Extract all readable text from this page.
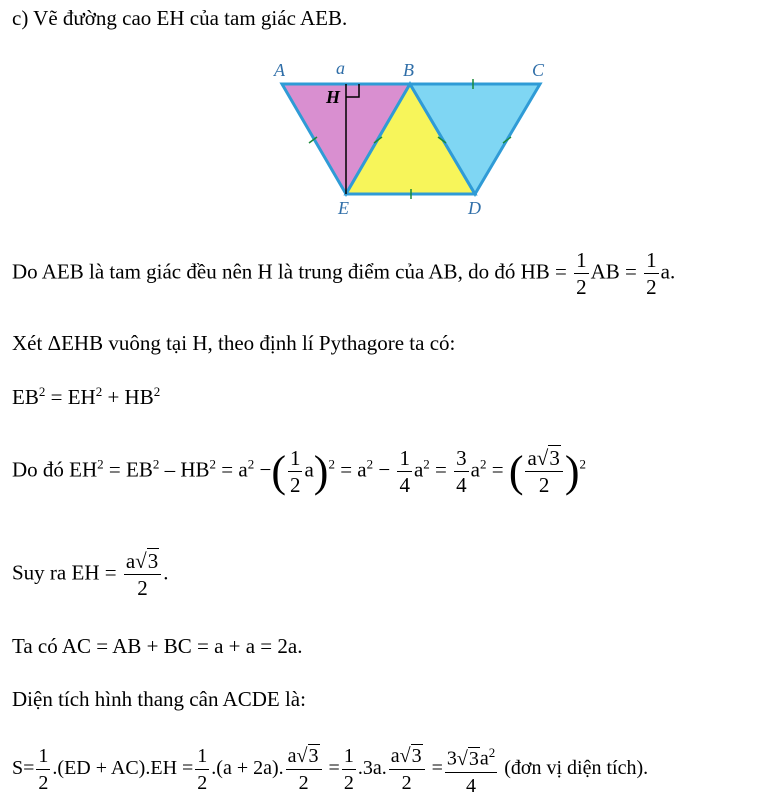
c) Vẽ đường cao EH của tam giác AEB.
A	a	B	C
H
E	D
Do AEB là tam giác đều nên H là trung điểm của AB, do đó HB = $\frac{1}{2}$ AB = $\frac{1}{2} a$.
Xét ΔEHB vuông tại H, theo định lí Pythagore ta có:
$EB^2 = EH^2 + HB^2$
Do đó $EH^2 = EB^2 - HB^2 = a^2$ −( $\frac{1}{2} a)^2 = a^2 - \frac{1}{4} a^2 = \frac{3}{4} a^2$ = ( $\frac{a√3}{2} )^2$
Suy ra EH = $\frac{a√3}{2}$ .
Ta có AC = AB + BC = a + a = 2a.
Diện tích hình thang cân ACDE là:
$S= \frac{1}{2} .(ED + AC).EH = \frac{1}{2} .(a + 2a)$. $\frac{a√3}{2} = \frac{1}{2} .3a$. $\frac{a√3}{2} = \frac{3√3a^2}{4}$ (đơn vị diện tích).
